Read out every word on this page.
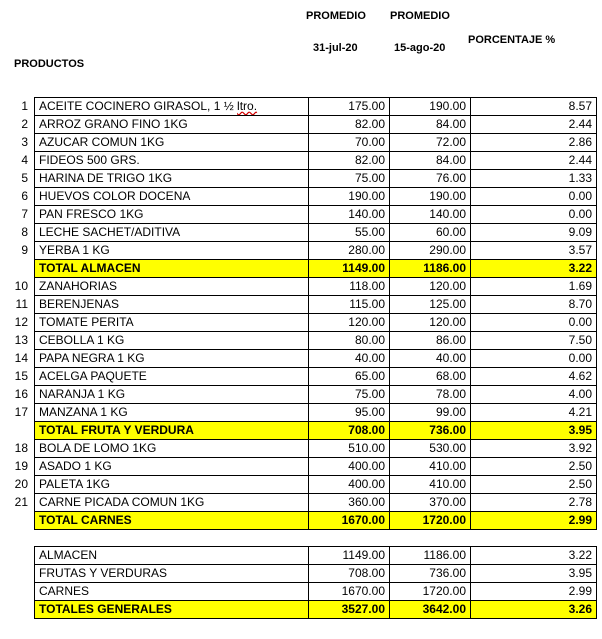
PROMEDIO PROMEDIO
31-jul-20	15-ago-20
PORCENTAJE %
PRODUCTOS
1	ACEITE COCINERO GIRASOL, 1 ½ ltro.	175.00	190.00	8.57
2	ARROZ GRANO FINO 1KG	82.00	84.00	2.44
3	AZUCAR COMUN 1KG	70.00	72.00	2.86
4	FIDEOS 500 GRS.	82.00	84.00	2.44
5	HARINA DE TRIGO 1KG	75.00	76.00	1.33
6	HUEVOS COLOR DOCENA	190.00	190.00	0.00
7	PAN FRESCO 1KG	140.00	140.00	0.00
8	LECHE SACHET/ADITIVA	55.00	60.00	9.09
9	YERBA 1 KG	280.00	290.00	3.57
	TOTAL ALMACEN	1149.00	1186.00	3.22
10	ZANAHORIAS	118.00	120.00	1.69
11	BERENJENAS	115.00	125.00	8.70
12	TOMATE PERITA	120.00	120.00	0.00
13	CEBOLLA 1 KG	80.00	86.00	7.50
14	PAPA NEGRA 1 KG	40.00	40.00	0.00
15	ACELGA PAQUETE	65.00	68.00	4.62
16	NARANJA 1 KG	75.00	78.00	4.00
17	MANZANA 1 KG	95.00	99.00	4.21
	TOTAL FRUTA Y VERDURA	708.00	736.00	3.95
18	BOLA DE LOMO 1KG	510.00	530.00	3.92
19	ASADO 1 KG	400.00	410.00	2.50
20	PALETA 1KG	400.00	410.00	2.50
21	CARNE PICADA COMUN 1KG	360.00	370.00	2.78
	TOTAL CARNES	1670.00	1720.00	2.99
	ALMACEN	1149.00	1186.00	3.22
	FRUTAS Y VERDURAS	708.00	736.00	3.95
	CARNES	1670.00	1720.00	2.99
	TOTALES GENERALES	3527.00	3642.00	3.26
